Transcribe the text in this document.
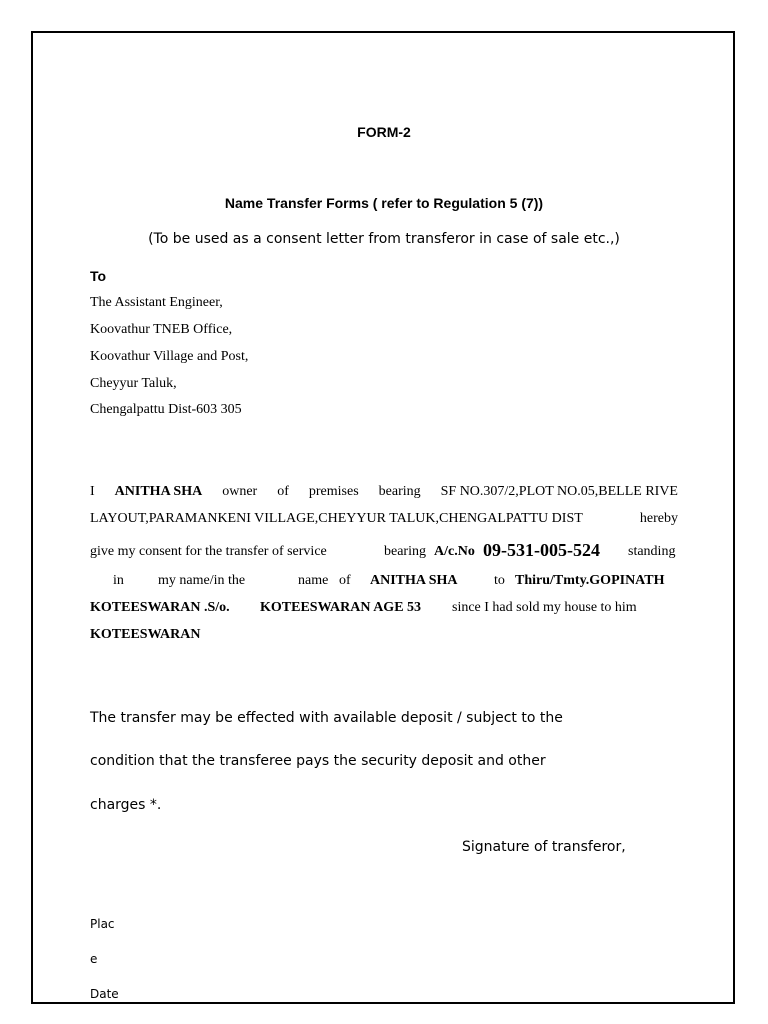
FORM-2
Name Transfer Forms ( refer to Regulation 5 (7))
(To be used as a consent letter from transferor in case of sale etc.,)
To
The Assistant Engineer,
Koovathur TNEB Office,
Koovathur Village and Post,
Cheyyur Taluk,
Chengalpattu Dist-603 305
I ANITHA SHA owner of premises bearing SF NO.307/2,PLOT NO.05,BELLE RIVE
LAYOUT,PARAMANKENI VILLAGE,CHEYYUR TALUK,CHENGALPATTU DIST	hereby
give my consent for the transfer of service	bearing A/c.No 09-531-005-524 standing
in my name/in the	name of ANITHA SHA	to Thiru/Tmty.GOPINATH
KOTEESWARAN .S/o. KOTEESWARAN AGE 53 since I had sold my house to him
KOTEESWARAN
The transfer may be effected with available deposit / subject to the
condition that the transferee pays the security deposit and other
charges *.
Signature of transferor,
Plac
e
Date
